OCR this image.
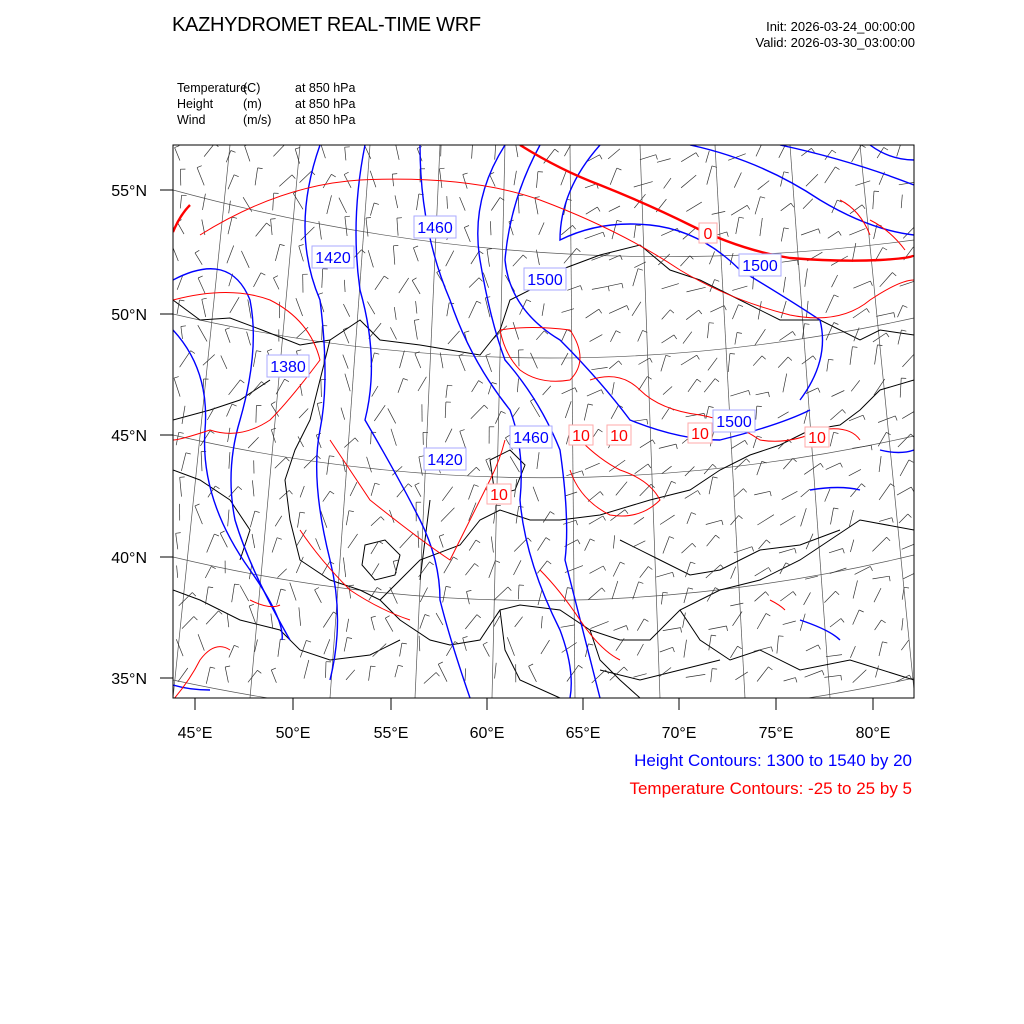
KAZHYDROMET REAL-TIME WRF	Init: 2026-03-24_00:00:00
Valid: 2026-03-30_03:00:00
Temperature(C)	at 850 hPa
Height (m)	at 850 hPa
Wind	(m/s) at 850 hPa
1460
1420
1500
1380
1460
1420
1500
1500
0
10 10	10	10
10
55°N
50°N
45°N
40°N
35°N
45°E	50°E	55°E	60°E	65°E	70°E	75°E	80°E
Height Contours: 1300 to 1540 by 20
Temperature Contours: -25 to 25 by 5
